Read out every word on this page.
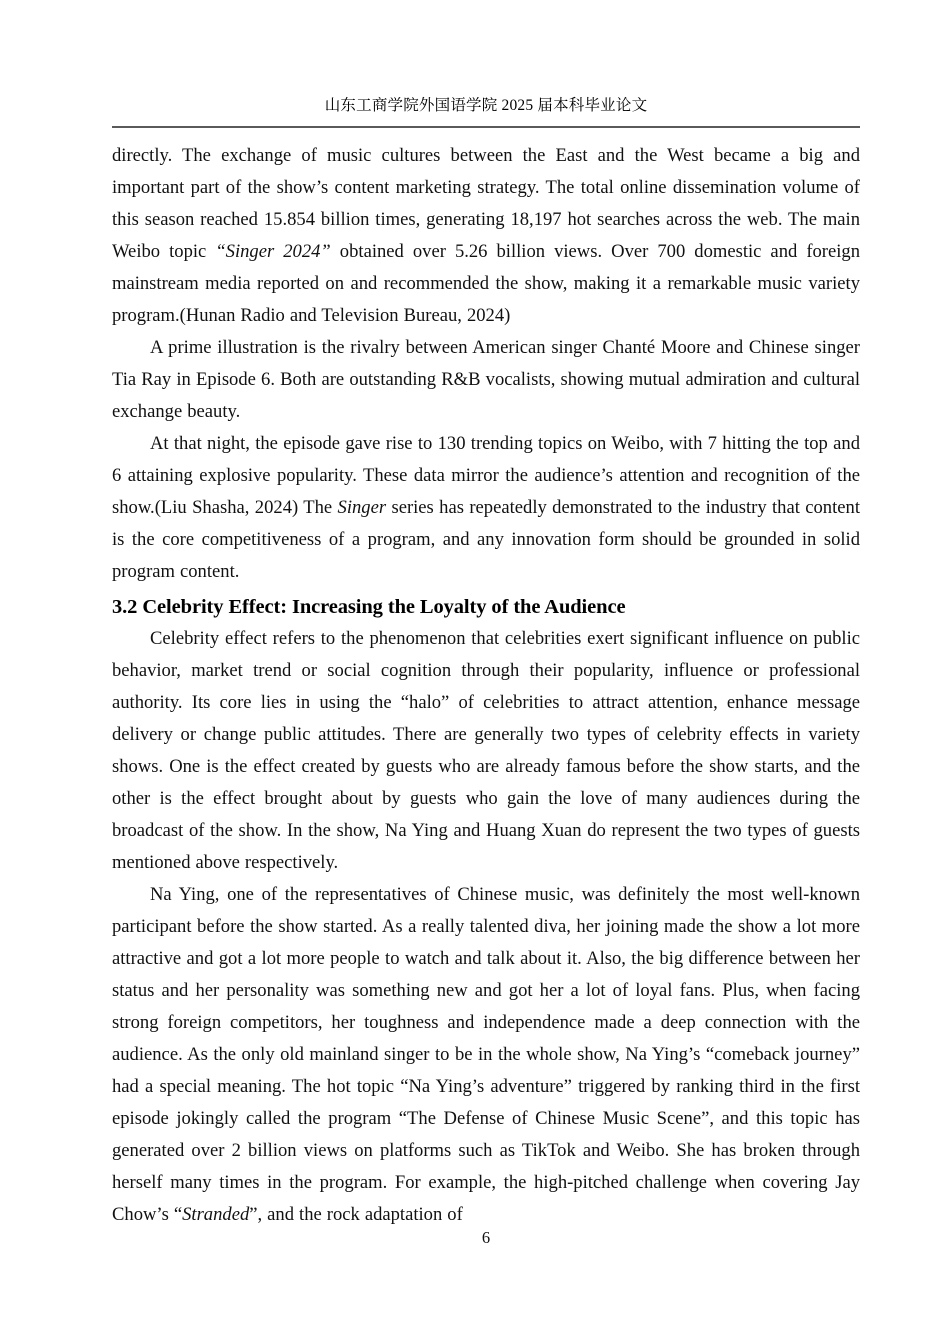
山东工商学院外国语学院 2025 届本科毕业论文

directly. The exchange of music cultures between the East and the West became a big and important part of the show’s content marketing strategy. The total online dissemination volume of this season reached 15.854 billion times, generating 18,197 hot searches across the web. The main Weibo topic “Singer 2024” obtained over 5.26 billion views. Over 700 domestic and foreign mainstream media reported on and recommended the show, making it a remarkable music variety program.(Hunan Radio and Television Bureau, 2024)

A prime illustration is the rivalry between American singer Chanté Moore and Chinese singer Tia Ray in Episode 6. Both are outstanding R&B vocalists, showing mutual admiration and cultural exchange beauty.

At that night, the episode gave rise to 130 trending topics on Weibo, with 7 hitting the top and 6 attaining explosive popularity. These data mirror the audience’s attention and recognition of the show.(Liu Shasha, 2024) The Singer series has repeatedly demonstrated to the industry that content is the core competitiveness of a program, and any innovation form should be grounded in solid program content.

3.2 Celebrity Effect: Increasing the Loyalty of the Audience

Celebrity effect refers to the phenomenon that celebrities exert significant influence on public behavior, market trend or social cognition through their popularity, influence or professional authority. Its core lies in using the “halo” of celebrities to attract attention, enhance message delivery or change public attitudes. There are generally two types of celebrity effects in variety shows. One is the effect created by guests who are already famous before the show starts, and the other is the effect brought about by guests who gain the love of many audiences during the broadcast of the show. In the show, Na Ying and Huang Xuan do represent the two types of guests mentioned above respectively.

Na Ying, one of the representatives of Chinese music, was definitely the most well-known participant before the show started. As a really talented diva, her joining made the show a lot more attractive and got a lot more people to watch and talk about it. Also, the big difference between her status and her personality was something new and got her a lot of loyal fans. Plus, when facing strong foreign competitors, her toughness and independence made a deep connection with the audience. As the only old mainland singer to be in the whole show, Na Ying’s “comeback journey” had a special meaning. The hot topic “Na Ying’s adventure” triggered by ranking third in the first episode jokingly called the program “The Defense of Chinese Music Scene”, and this topic has generated over 2 billion views on platforms such as TikTok and Weibo. She has broken through herself many times in the program. For example, the high-pitched challenge when covering Jay Chow’s “Stranded”, and the rock adaptation of

6
